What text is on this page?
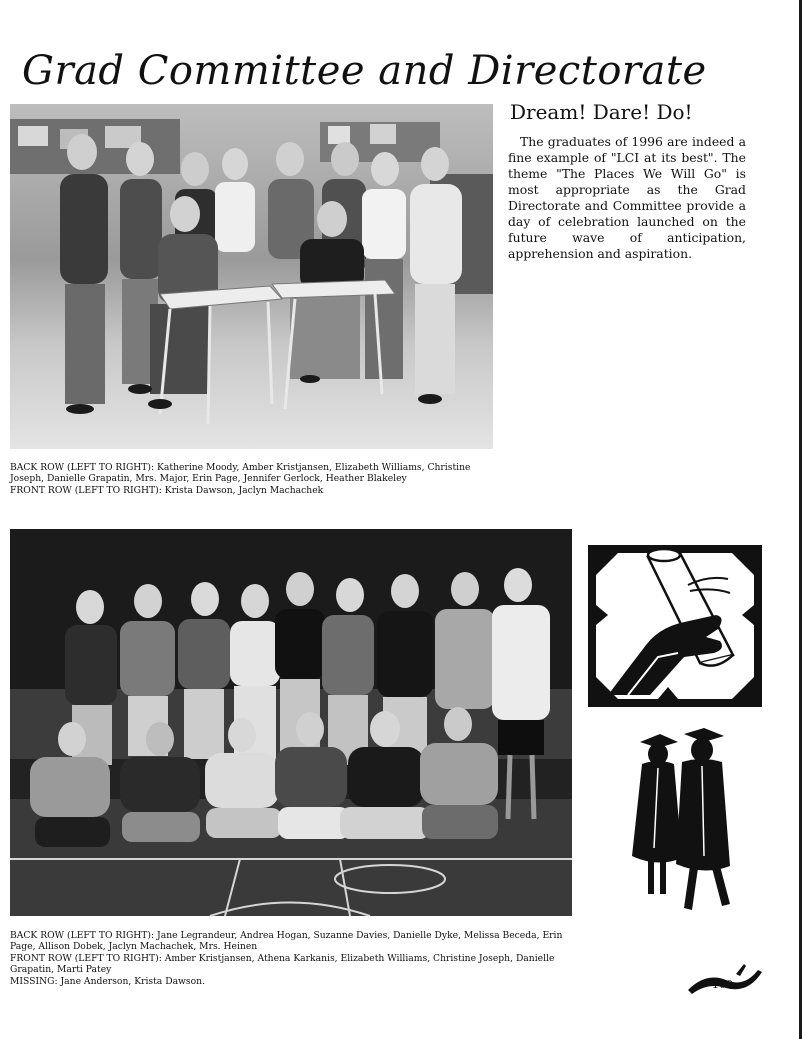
Grad Committee and Directorate
Dream! Dare! Do!

The graduates of 1996 are indeed a fine example of "LCI at its best". The theme "The Places We Will Go" is most appropriate as the Grad Directorate and Committee provide a day of celebration launched on the future wave of anticipation, apprehension and aspiration.

BACK ROW (LEFT TO RIGHT): Katherine Moody, Amber Kristjansen, Elizabeth Williams, Christine Joseph, Danielle Grapatin, Mrs. Major, Erin Page, Jennifer Gerlock, Heather Blakeley
FRONT ROW (LEFT TO RIGHT): Krista Dawson, Jaclyn Machachek

BACK ROW (LEFT TO RIGHT): Jane Legrandeur, Andrea Hogan, Suzanne Davies, Danielle Dyke, Melissa Beceda, Erin Page, Allison Dobek, Jaclyn Machachek, Mrs. Heinen
FRONT ROW (LEFT TO RIGHT): Amber Kristjansen, Athena Karkanis, Elizabeth Williams, Christine Joseph, Danielle Grapatin, Marti Patey
MISSING: Jane Anderson, Krista Dawson.	109
